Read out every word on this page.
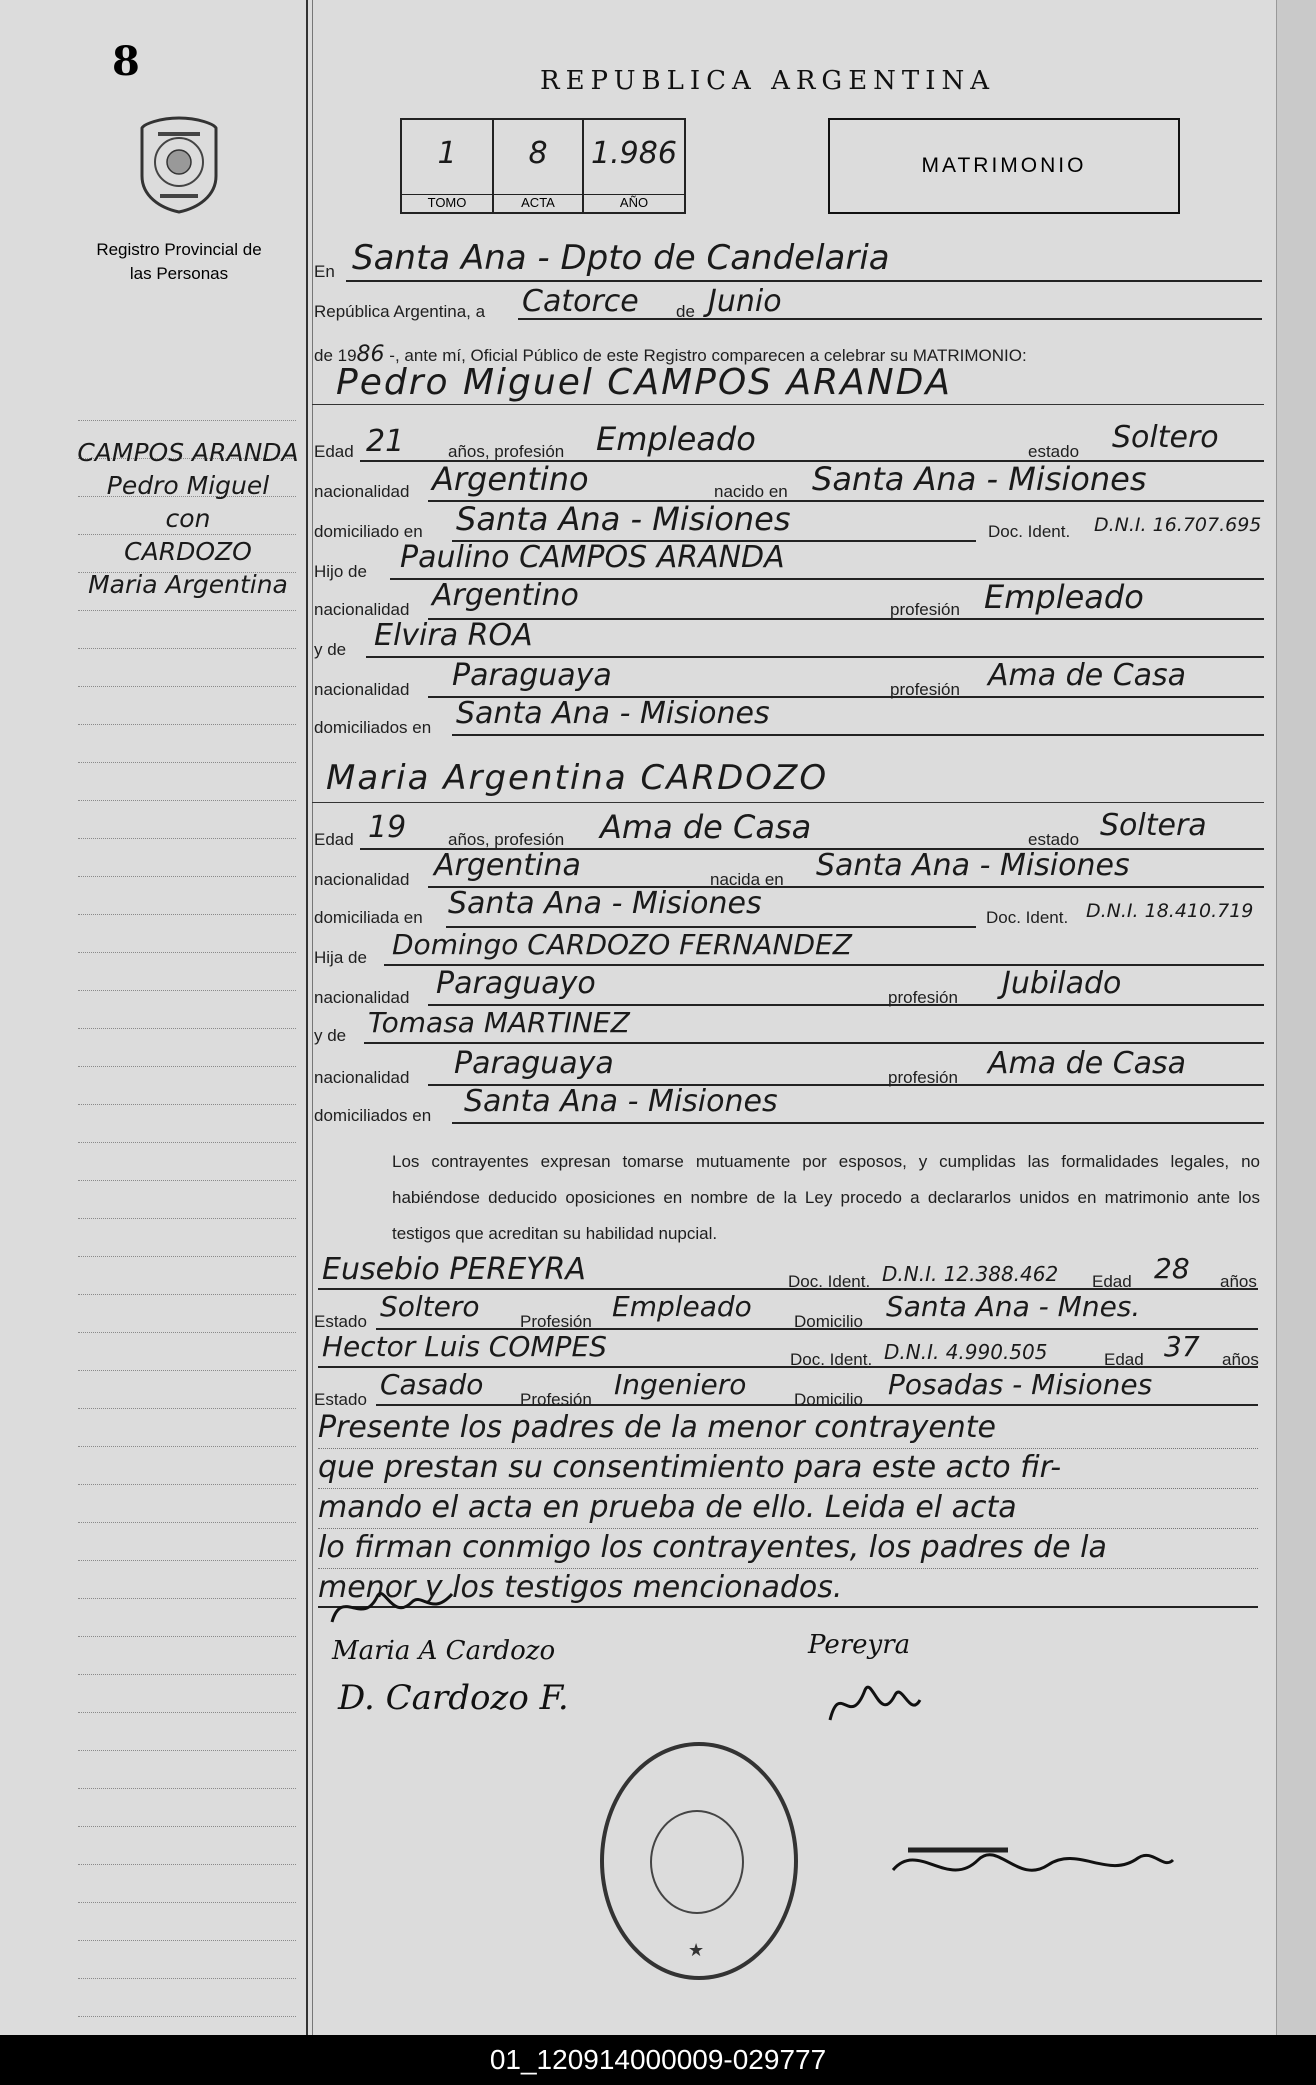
8
Registro Provincial de las Personas
CAMPOS ARANDA
Pedro Miguel
con
CARDOZO
Maria Argentina
REPUBLICA ARGENTINA
1
TOMO
8
ACTA
1.986
AÑO
MATRIMONIO
En Santa Ana - Dpto de Candelaria
República Argentina, a Catorce de Junio
de 1986 -, ante mí, Oficial Público de este Registro comparecen a celebrar su MATRIMONIO:
Pedro Miguel CAMPOS ARANDA
Edad 21	años, profesión Empleado	estado Soltero
nacionalidad Argentino	nacido en Santa Ana - Misiones
domiciliado en Santa Ana - Misiones	Doc. Ident. D.N.I. 16.707.695
Hijo de Paulino CAMPOS ARANDA
nacionalidad Argentino	profesión Empleado
y de Elvira ROA
nacionalidad Paraguaya	profesión Ama de Casa
domiciliados en Santa Ana - Misiones
Maria Argentina CARDOZO
Edad 19 años, profesión Ama de Casa	estado Soltera
nacionalidad Argentina	nacida en Santa Ana - Misiones
domiciliada en Santa Ana - Misiones	Doc. Ident. D.N.I. 18.410.719
Hija de Domingo CARDOZO FERNANDEZ
nacionalidad Paraguayo	profesión Jubilado
y de Tomasa MARTINEZ
nacionalidad Paraguaya	profesión Ama de Casa
domiciliados en Santa Ana - Misiones
Los contrayentes expresan tomarse mutuamente por esposos, y cumplidas las formalidades legales, no habiéndose deducido oposiciones en nombre de la Ley procedo a declararlos unidos en matrimonio ante los testigos que acreditan su habilidad nupcial.
Eusebio PEREYRA	Doc. Ident. D.N.I. 12.388.462 Edad 28 años
Estado Soltero Profesión Empleado Domicilio Santa Ana - Mnes.
Hector Luis COMPES	Doc. Ident. D.N.I. 4.990.505	Edad 37 años
Estado Casado Profesión Ingeniero	Domicilio Posadas - Misiones
Presente los padres de la menor contrayente
que prestan su consentimiento para este acto fir-
mando el acta en prueba de ello. Leida el acta
lo firman conmigo los contrayentes, los padres de la
menor y los testigos mencionados.
Maria A Cardozo
D. Cardozo F.
Pereyra
★
01_120914000009-029777
